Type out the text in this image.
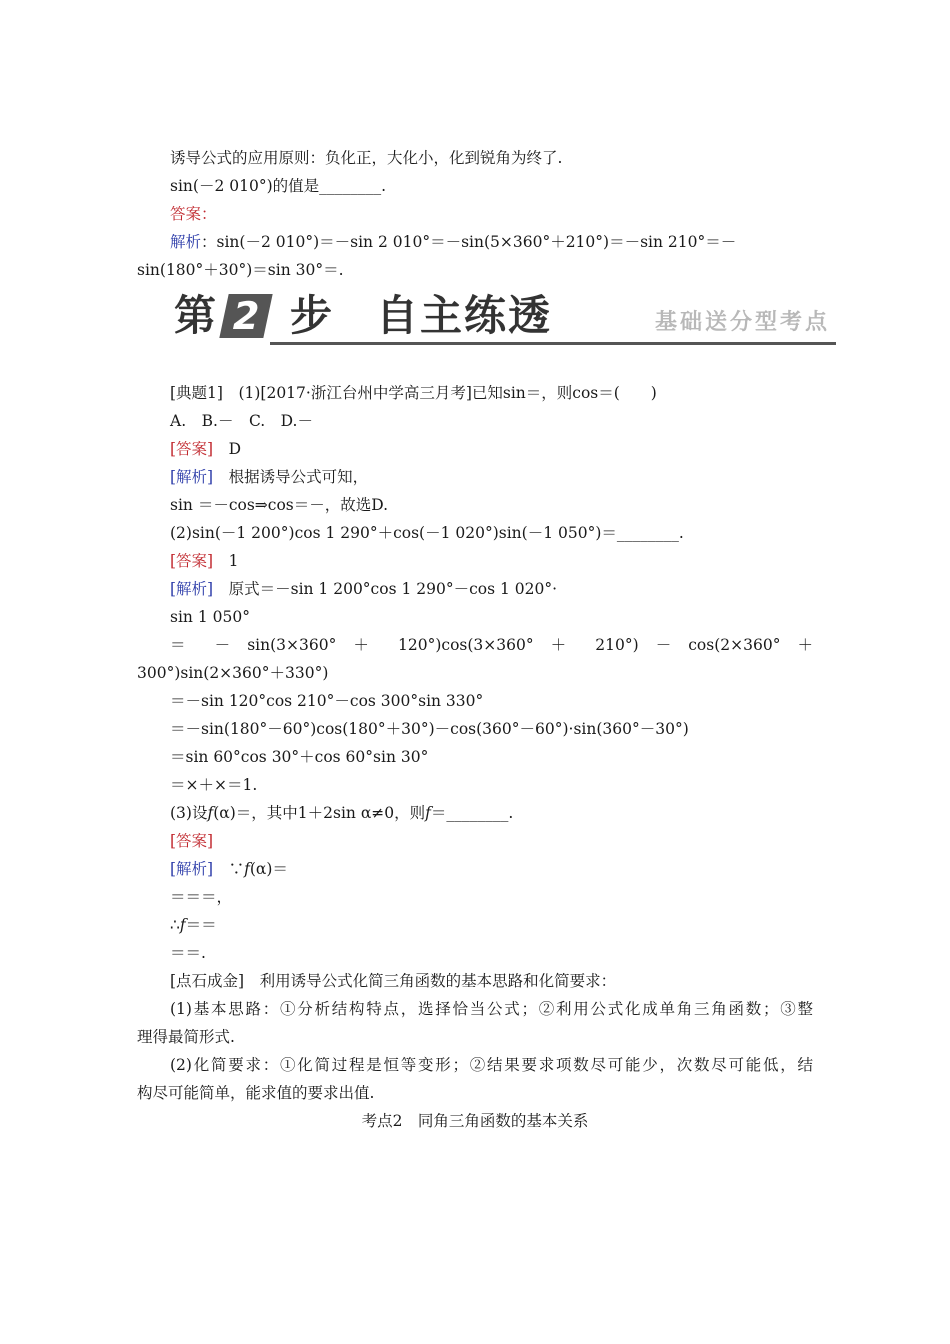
诱导公式的应用原则：负化正，大化小，化到锐角为终了.
sin(－2 010°)的值是________.
答案：
解析：sin(－2 010°)＝－sin 2 010°＝－sin(5×360°＋210°)＝－sin 210°＝－
sin(180°＋30°)＝sin 30°＝.
第 2 步 自主练透	基础送分型考点
[典题1]　(1)[2017·浙江台州中学高三月考]已知sin＝，则cos＝(　　)
A.　B.－　C.　D.－
[答案]　D
[解析]　根据诱导公式可知，
sin ＝－cos⇒cos＝－，故选D.
(2)sin(－1 200°)cos 1 290°＋cos(－1 020°)sin(－1 050°)＝________.
[答案]　1
[解析]　原式＝－sin 1 200°cos 1 290°－cos 1 020°·
sin 1 050°
＝ － sin(3×360° ＋ 120°)cos(3×360° ＋ 210°) － cos(2×360° ＋
300°)sin(2×360°＋330°)
＝－sin 120°cos 210°－cos 300°sin 330°
＝－sin(180°－60°)cos(180°＋30°)－cos(360°－60°)·sin(360°－30°)
＝sin 60°cos 30°＋cos 60°sin 30°
＝×＋×＝1.
(3)设f(α)＝，其中1＋2sin α≠0，则f＝________.
[答案]
[解析]　∵f(α)＝
＝＝＝，
∴f＝＝
＝＝.
[点石成金]　利用诱导公式化简三角函数的基本思路和化简要求：
(1)基本思路：①分析结构特点，选择恰当公式；②利用公式化成单角三角函数；③整
理得最简形式.
(2)化简要求：①化简过程是恒等变形；②结果要求项数尽可能少，次数尽可能低，结
构尽可能简单，能求值的要求出值.
考点2　同角三角函数的基本关系
